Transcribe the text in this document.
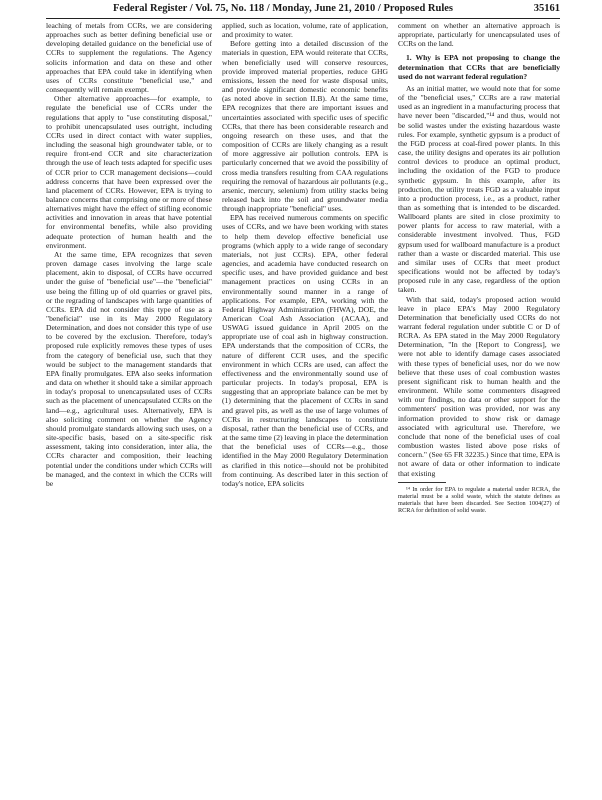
Federal Register / Vol. 75, No. 118 / Monday, June 21, 2010 / Proposed Rules	35161

leaching of metals from CCRs, we are considering approaches such as better defining beneficial use or developing detailed guidance on the beneficial use of CCRs to supplement the regulations. The Agency solicits information and data on these and other approaches that EPA could take in identifying when uses of CCRs constitute "beneficial use," and consequently will remain exempt.

Other alternative approaches—for example, to regulate the beneficial use of CCRs under the regulations that apply to "use constituting disposal," to prohibit unencapsulated uses outright, including CCRs used in direct contact with water supplies, including the seasonal high groundwater table, or to require front-end CCR and site characterization through the use of leach tests adapted for specific uses of CCR prior to CCR management decisions—could address concerns that have been expressed over the land placement of CCRs. However, EPA is trying to balance concerns that comprising one or more of these alternatives might have the effect of stifling economic activities and innovation in areas that have potential for environmental benefits, while also providing adequate protection of human health and the environment.

At the same time, EPA recognizes that seven proven damage cases involving the large scale placement, akin to disposal, of CCRs have occurred under the guise of "beneficial use"—the "beneficial" use being the filling up of old quarries or gravel pits, or the regrading of landscapes with large quantities of CCRs. EPA did not consider this type of use as a "beneficial" use in its May 2000 Regulatory Determination, and does not consider this type of use to be covered by the exclusion. Therefore, today's proposed rule explicitly removes these types of uses from the category of beneficial use, such that they would be subject to the management standards that EPA finally promulgates. EPA also seeks information and data on whether it should take a similar approach in today's proposal to unencapsulated uses of CCRs such as the placement of unencapsulated CCRs on the land—e.g., agricultural uses. Alternatively, EPA is also soliciting comment on whether the Agency should promulgate standards allowing such uses, on a site-specific basis, based on a site-specific risk assessment, taking into consideration, inter alia, the CCRs character and composition, their leaching potential under the conditions under which CCRs will be managed, and the context in which the CCRs will be

applied, such as location, volume, rate of application, and proximity to water.

Before getting into a detailed discussion of the materials in question, EPA would reiterate that CCRs, when beneficially used will conserve resources, provide improved material properties, reduce GHG emissions, lessen the need for waste disposal units, and provide significant domestic economic benefits (as noted above in section II.B). At the same time, EPA recognizes that there are important issues and uncertainties associated with specific uses of specific CCRs, that there has been considerable research and ongoing research on these uses, and that the composition of CCRs are likely changing as a result of more aggressive air pollution controls. EPA is particularly concerned that we avoid the possibility of cross media transfers resulting from CAA regulations requiring the removal of hazardous air pollutants (e.g., arsenic, mercury, selenium) from utility stacks being released back into the soil and groundwater media through inappropriate "beneficial" uses.

EPA has received numerous comments on specific uses of CCRs, and we have been working with states to help them develop effective beneficial use programs (which apply to a wide range of secondary materials, not just CCRs). EPA, other federal agencies, and academia have conducted research on specific uses, and have provided guidance and best management practices on using CCRs in an environmentally sound manner in a range of applications. For example, EPA, working with the Federal Highway Administration (FHWA), DOE, the American Coal Ash Association (ACAA), and USWAG issued guidance in April 2005 on the appropriate use of coal ash in highway construction. EPA understands that the composition of CCRs, the nature of different CCR uses, and the specific environment in which CCRs are used, can affect the effectiveness and the environmentally sound use of particular projects. In today's proposal, EPA is suggesting that an appropriate balance can be met by (1) determining that the placement of CCRs in sand and gravel pits, as well as the use of large volumes of CCRs in restructuring landscapes to constitute disposal, rather than the beneficial use of CCRs, and at the same time (2) leaving in place the determination that the beneficial uses of CCRs—e.g., those identified in the May 2000 Regulatory Determination as clarified in this notice—should not be prohibited from continuing. As described later in this section of today's notice, EPA solicits

comment on whether an alternative approach is appropriate, particularly for unencapsulated uses of CCRs on the land.

1. Why is EPA not proposing to change the determination that CCRs that are beneficially used do not warrant federal regulation?

As an initial matter, we would note that for some of the "beneficial uses," CCRs are a raw material used as an ingredient in a manufacturing process that have never been "discarded,"¹⁴ and thus, would not be solid wastes under the existing hazardous waste rules. For example, synthetic gypsum is a product of the FGD process at coal-fired power plants. In this case, the utility designs and operates its air pollution control devices to produce an optimal product, including the oxidation of the FGD to produce synthetic gypsum. In this example, after its production, the utility treats FGD as a valuable input into a production process, i.e., as a product, rather than as something that is intended to be discarded. Wallboard plants are sited in close proximity to power plants for access to raw material, with a considerable investment involved. Thus, FGD gypsum used for wallboard manufacture is a product rather than a waste or discarded material. This use and similar uses of CCRs that meet product specifications would not be affected by today's proposed rule in any case, regardless of the option taken.

With that said, today's proposed action would leave in place EPA's May 2000 Regulatory Determination that beneficially used CCRs do not warrant federal regulation under subtitle C or D of RCRA. As EPA stated in the May 2000 Regulatory Determination, "In the [Report to Congress], we were not able to identify damage cases associated with these types of beneficial uses, nor do we now believe that these uses of coal combustion wastes present significant risk to human health and the environment. While some commenters disagreed with our findings, no data or other support for the commenters' position was provided, nor was any information provided to show risk or damage associated with agricultural use. Therefore, we conclude that none of the beneficial uses of coal combustion wastes listed above pose risks of concern." (See 65 FR 32235.) Since that time, EPA is not aware of data or other information to indicate that existing

¹⁴ In order for EPA to regulate a material under RCRA, the material must be a solid waste, which the statute defines as materials that have been discarded. See Section 1004(27) of RCRA for definition of solid waste.
